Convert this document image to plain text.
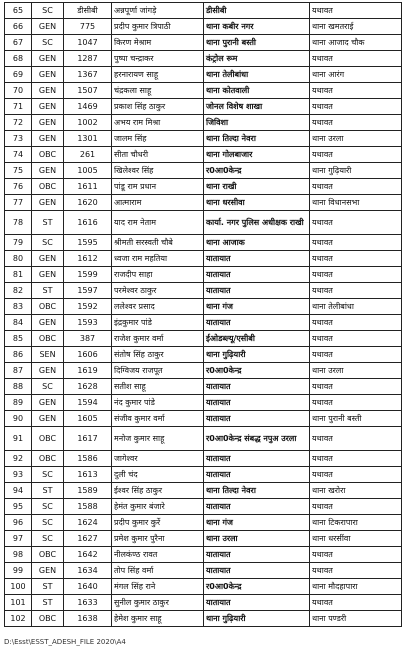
65	SC	डीसीबी	अन्नपूर्णा जांगड़े	डीसीबी	यथावत
66	GEN	775	प्रदीप कुमार त्रिपाठी	थाना कबीर नगर	थाना खमतराई
67	SC	1047	किरण मेश्राम	थाना पुरानी बस्ती	थाना आजाद चौक
68	GEN	1287	पुष्पा चन्द्राकर	कंट्रोल रूम	यथावत
69	GEN	1367	हरनारायण साहू	थाना तेलीबांधा	थाना आरंग
70	GEN	1507	चंद्रकला साहू	थाना कोतवाली	यथावत
71	GEN	1469	प्रकाश सिंह ठाकुर	जोनल विशेष शाखा	यथावत
72	GEN	1002	अभय राम मिश्रा	जिविशा	यथावत
73	GEN	1301	जालम सिंह	थाना तिल्दा नेवरा	थाना उरला
74	OBC	261	सीता चौधरी	थाना गोलबाजार	यथावत
75	GEN	1005	खिलेश्वर सिंह	र0आ0केन्द्र	थाना गुढ़ियारी
76	OBC	1611	पांडू राम प्रधान	थाना राखी	यथावत
77	GEN	1620	आत्माराम	थाना धरसीवा	थाना विधानसभा
78	ST	1616	याद राम नेताम	कार्या. नगर पुलिस अधीक्षक राखी	यथावत
79	SC	1595	श्रीमती सरस्वती चौबे	थाना आजाक	यथावत
80	GEN	1612	ध्वजा राम महतिया	यातायात	यथावत
81	GEN	1599	राजदीप साहा	यातायात	यथावत
82	ST	1597	परमेश्वर ठाकुर	यातायात	यथावत
83	OBC	1592	ललेश्वर प्रसाद	थाना गंज	थाना तेलीबांधा
84	GEN	1593	इंद्रकुमार पांडे	यातायात	यथावत
85	OBC	387	राजेश कुमार वर्मा	ईओडब्ल्यू/एसीबी	यथावत
86	SEN	1606	संतोष सिंह ठाकुर	थाना गुढ़ियारी	यथावत
87	GEN	1619	दिग्विजय राजपूत	र0आ0केन्द्र	थाना उरला
88	SC	1628	सतीश साहू	यातायात	यथावत
89	GEN	1594	नंद कुमार पांडे	यातायात	यथावत
90	GEN	1605	संजीव कुमार वर्मा	यातायात	थाना पुरानी बस्ती
91	OBC	1617	मनोज कुमार साहू	र0आ0केन्द्र संबद्ध नपुअ उरला	यथावत
92	OBC	1586	जागेश्वर	यातायात	यथावत
93	SC	1613	दुली चंद	यातायात	यथावत
94	ST	1589	ईश्वर सिंह ठाकुर	थाना तिल्दा नेवरा	थाना खरोरा
95	SC	1588	हेमंत कुमार बंजारे	यातायात	यथावत
96	SC	1624	प्रदीप कुमार कुर्रे	थाना गंज	थाना टिकरापारा
97	SC	1627	प्रमेश कुमार पुरैना	थाना उरला	थाना धरसींवा
98	OBC	1642	नीलकंण्ठ रावत	यातायात	यथावत
99	GEN	1634	तोप सिंह वर्मा	यातायात	यथावत
100	ST	1640	मंगल सिंह राने	र0आ0केन्द्र	थाना मौदहापारा
101	ST	1633	सुनील कुमार ठाकुर	यातायात	यथावत
102	OBC	1638	हेमेश कुमार साहू	थाना गुढ़ियारी	थाना पण्डरी
D:\Esst\ESST_ADESH_FILE 2020\A4
